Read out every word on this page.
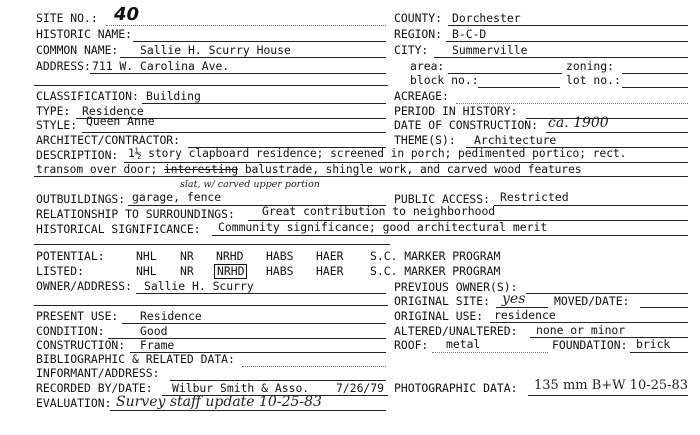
SITE NO.: 40
HISTORIC NAME:
COMMON NAME: Sallie H. Scurry House
ADDRESS: 711 W. Carolina Ave.
COUNTY: Dorchester
REGION: B-C-D
CITY: Summerville
area:	zoning:
block no.:	lot no.:
CLASSIFICATION: Building
TYPE: Residence
STYLE: Queen Anne
ARCHITECT/CONTRACTOR:
ACREAGE:
PERIOD IN HISTORY:
DATE OF CONSTRUCTION: ca. 1900
THEME(S): Architecture
DESCRIPTION: 1½ story clapboard residence; screened in porch; pedimented portico; rect.
transom over door; interesting balustrade, shingle work, and carved wood features
slat, w/ carved upper portion
OUTBUILDINGS: garage, fence	PUBLIC ACCESS: Restricted
RELATIONSHIP TO SURROUNDINGS: Great contribution to neighborhood
HISTORICAL SIGNIFICANCE: Community significance; good architectural merit
POTENTIAL:	NHL NR NRHD HABS HAER S.C. MARKER PROGRAM
LISTED:	NHL NR NRHD HABS HAER S.C. MARKER PROGRAM
OWNER/ADDRESS: Sallie H. Scurry	PREVIOUS OWNER(S):
ORIGINAL SITE: yes	MOVED/DATE:
PRESENT USE: Residence	ORIGINAL USE: residence
CONDITION:	Good	ALTERED/UNALTERED: none or minor
CONSTRUCTION: Frame	ROOF: metal	FOUNDATION: brick
BIBLIOGRAPHIC & RELATED DATA:
INFORMANT/ADDRESS:
RECORDED BY/DATE: Wilbur Smith & Asso. 7/26/79 PHOTOGRAPHIC DATA: 135 mm B+W 10-25-83
EVALUATION: Survey staff update 10-25-83
